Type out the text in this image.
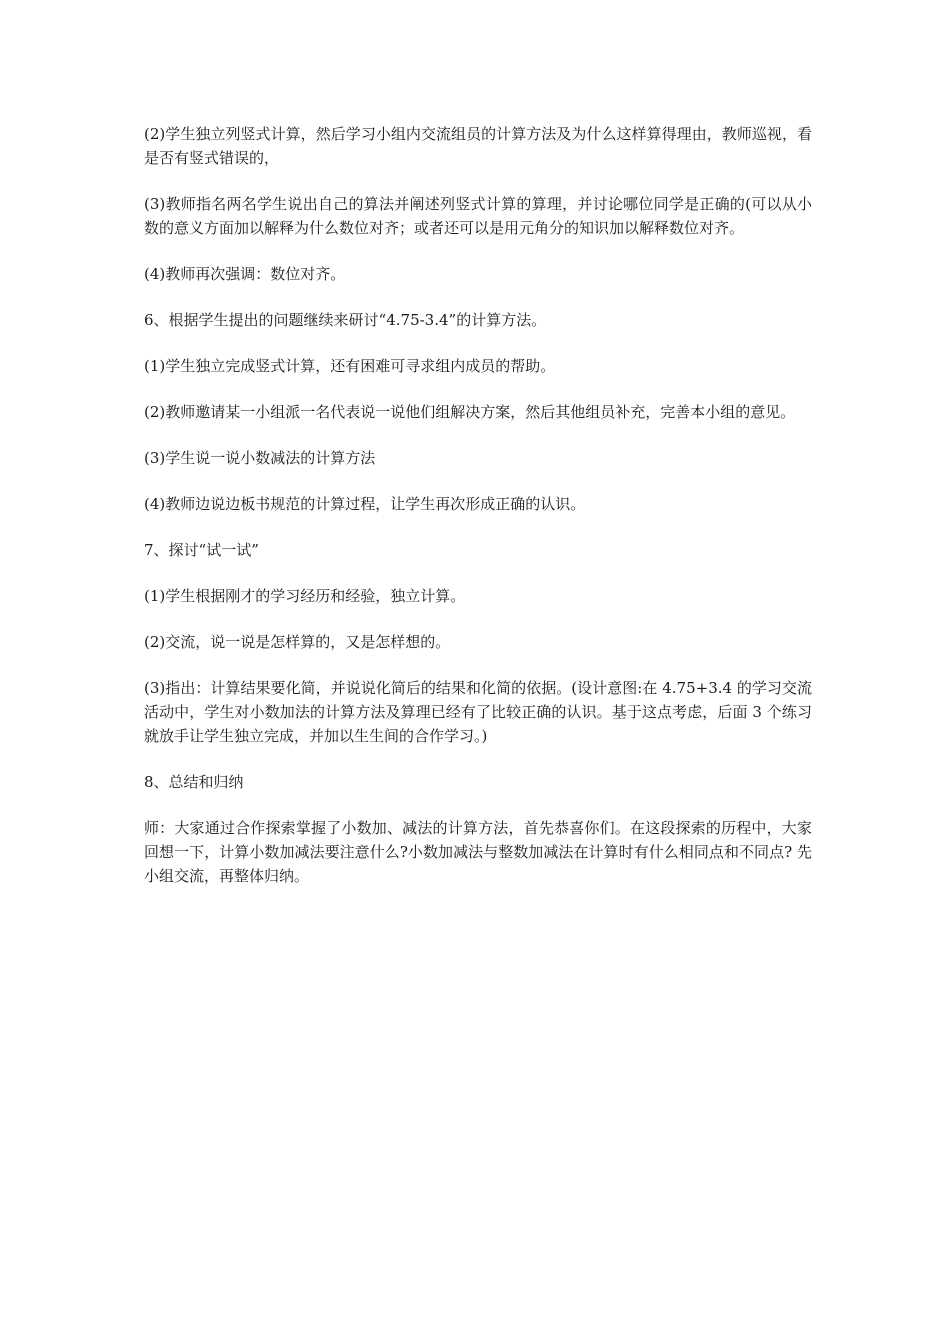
(2)学生独立列竖式计算，然后学习小组内交流组员的计算方法及为什么这样算得理由，教师巡视，看是否有竖式错误的，

(3)教师指名两名学生说出自己的算法并阐述列竖式计算的算理，并讨论哪位同学是正确的(可以从小数的意义方面加以解释为什么数位对齐；或者还可以是用元角分的知识加以解释数位对齐。

(4)教师再次强调：数位对齐。

6、根据学生提出的问题继续来研讨“4.75-3.4”的计算方法。

(1)学生独立完成竖式计算，还有困难可寻求组内成员的帮助。

(2)教师邀请某一小组派一名代表说一说他们组解决方案，然后其他组员补充，完善本小组的意见。

(3)学生说一说小数减法的计算方法

(4)教师边说边板书规范的计算过程，让学生再次形成正确的认识。

7、探讨“试一试”

(1)学生根据刚才的学习经历和经验，独立计算。

(2)交流，说一说是怎样算的，又是怎样想的。

(3)指出：计算结果要化简，并说说化简后的结果和化简的依据。(设计意图:在 4.75+3.4 的学习交流活动中，学生对小数加法的计算方法及算理已经有了比较正确的认识。基于这点考虑，后面 3 个练习就放手让学生独立完成，并加以生生间的合作学习。)

8、总结和归纳

师：大家通过合作探索掌握了小数加、减法的计算方法，首先恭喜你们。在这段探索的历程中，大家回想一下，计算小数加减法要注意什么?小数加减法与整数加减法在计算时有什么相同点和不同点? 先小组交流，再整体归纳。
